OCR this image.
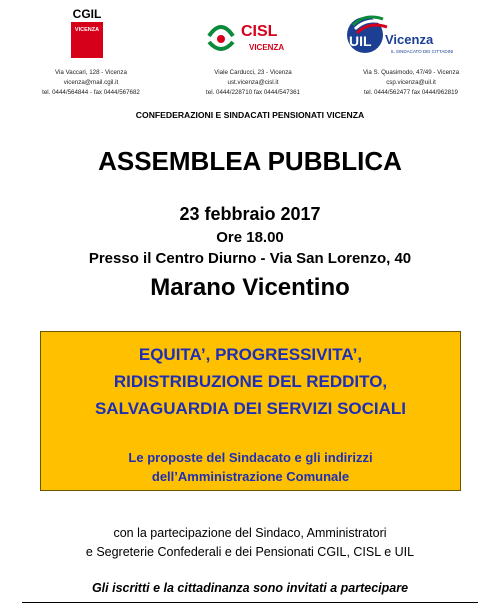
CGIL
VICENZA	CISL
VICENZA	UIL Vicenza
IL SINDACATO DEI CITTADINI
Via Vaccari, 128 - Vicenza
vicenza@mail.cgil.it
tel. 0444/564844 - fax 0444/567682
Viale Carducci, 23 - Vicenza
ust.vicenza@cisl.it
tel. 0444/228710 fax 0444/547361
Via S. Quasimodo, 47/49 - Vicenza
csp.vicenza@uil.it
tel. 0444/562477 fax 0444/962819
CONFEDERAZIONI E SINDACATI PENSIONATI VICENZA
ASSEMBLEA PUBBLICA
23 febbraio 2017
Ore 18.00
Presso il Centro Diurno - Via San Lorenzo, 40
Marano Vicentino
EQUITA’, PROGRESSIVITA’,
RIDISTRIBUZIONE DEL REDDITO,
SALVAGUARDIA DEI SERVIZI SOCIALI
Le proposte del Sindacato e gli indirizzi
dell’Amministrazione Comunale
con la partecipazione del Sindaco, Amministratori
e Segreterie Confederali e dei Pensionati CGIL, CISL e UIL
Gli iscritti e la cittadinanza sono invitati a partecipare
